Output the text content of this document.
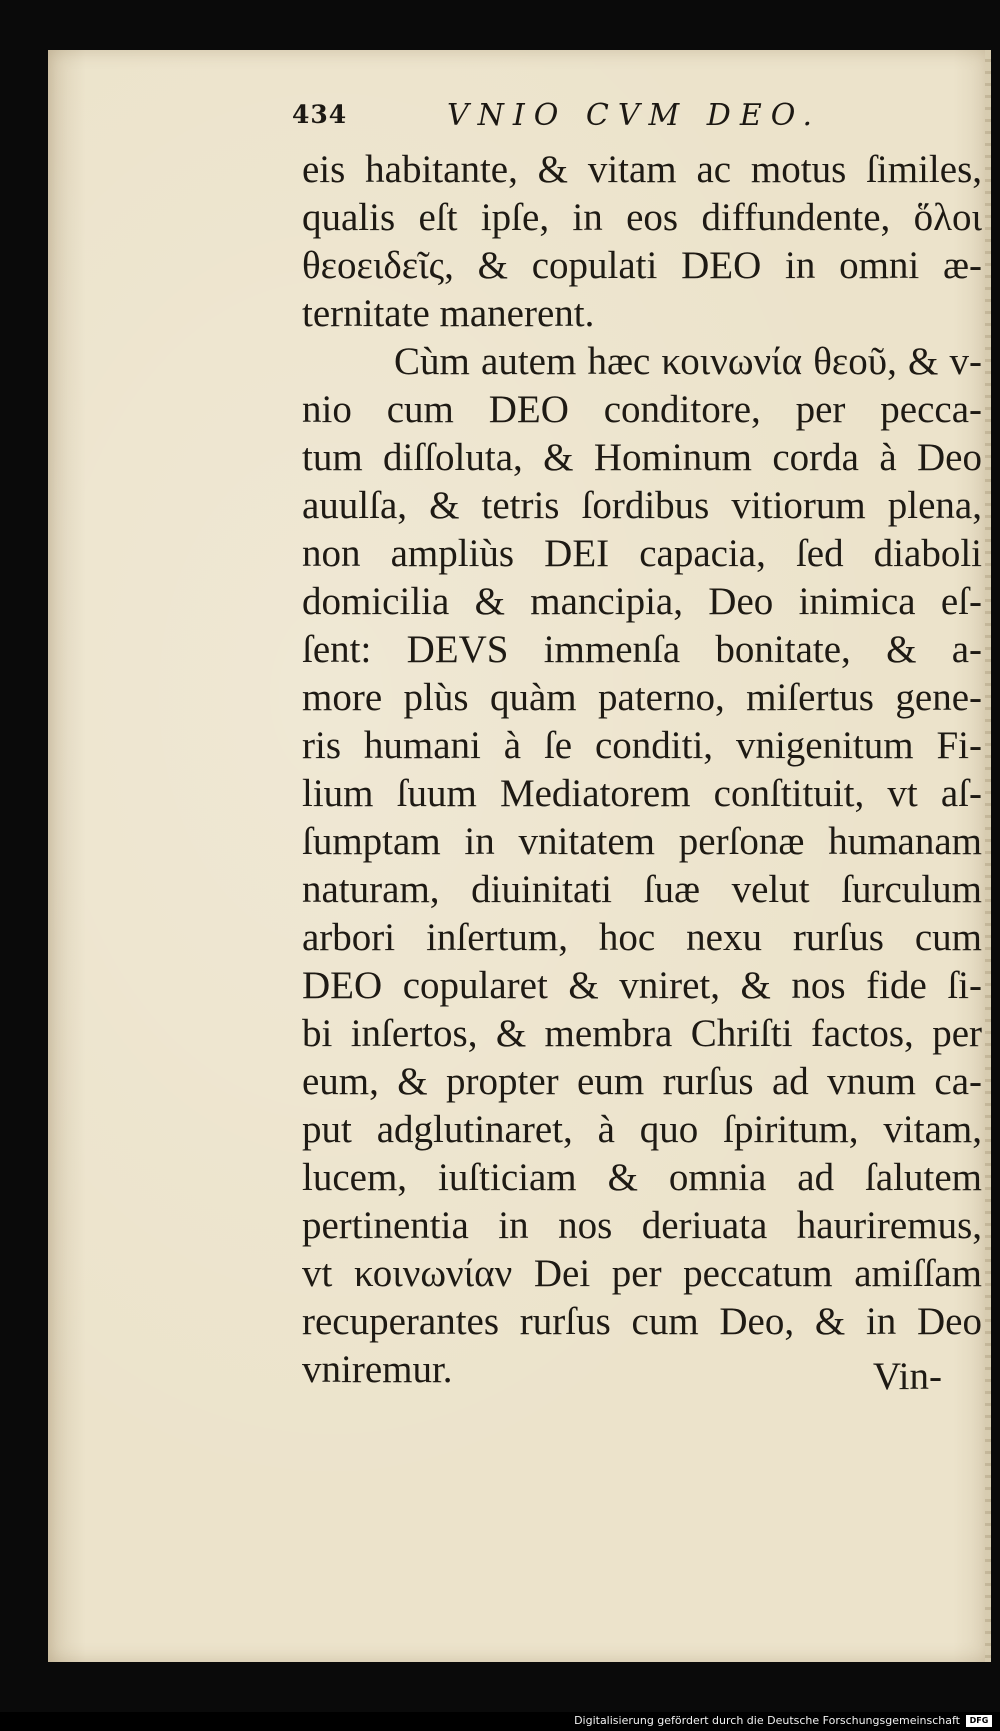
434	VNIO CVM DEO.
eis habitante, & vitam ac motus ſimiles,
qualis eſt ipſe, in eos diffundente, ὅλοι
θεοειδεῖς, & copulati DEO in omni æ-
ternitate manerent.
Cùm autem hæc κοινωνία θεοῦ, & v-
nio cum DEO conditore, per pecca-
tum diſſoluta, & Hominum corda à Deo
auulſa, & tetris ſordibus vitiorum plena,
non ampliùs DEI capacia, ſed diaboli
domicilia & mancipia, Deo inimica eſ-
ſent: DEVS immenſa bonitate, & a-
more plùs quàm paterno, miſertus gene-
ris humani à ſe conditi, vnigenitum Fi-
lium ſuum Mediatorem conſtituit, vt aſ-
ſumptam in vnitatem perſonæ humanam
naturam, diuinitati ſuæ velut ſurculum
arbori inſertum, hoc nexu rurſus cum
DEO copularet & vniret, & nos fide ſi-
bi inſertos, & membra Chriſti factos, per
eum, & propter eum rurſus ad vnum ca-
put adglutinaret, à quo ſpiritum, vitam,
lucem, iuſticiam & omnia ad ſalutem
pertinentia in nos deriuata hauriremus,
vt κοινωνίαν Dei per peccatum amiſſam
recuperantes rurſus cum Deo, & in Deo
vniremur.	Vin-
Digitalisierung gefördert durch die Deutsche Forschungsgemeinschaft	DFG
